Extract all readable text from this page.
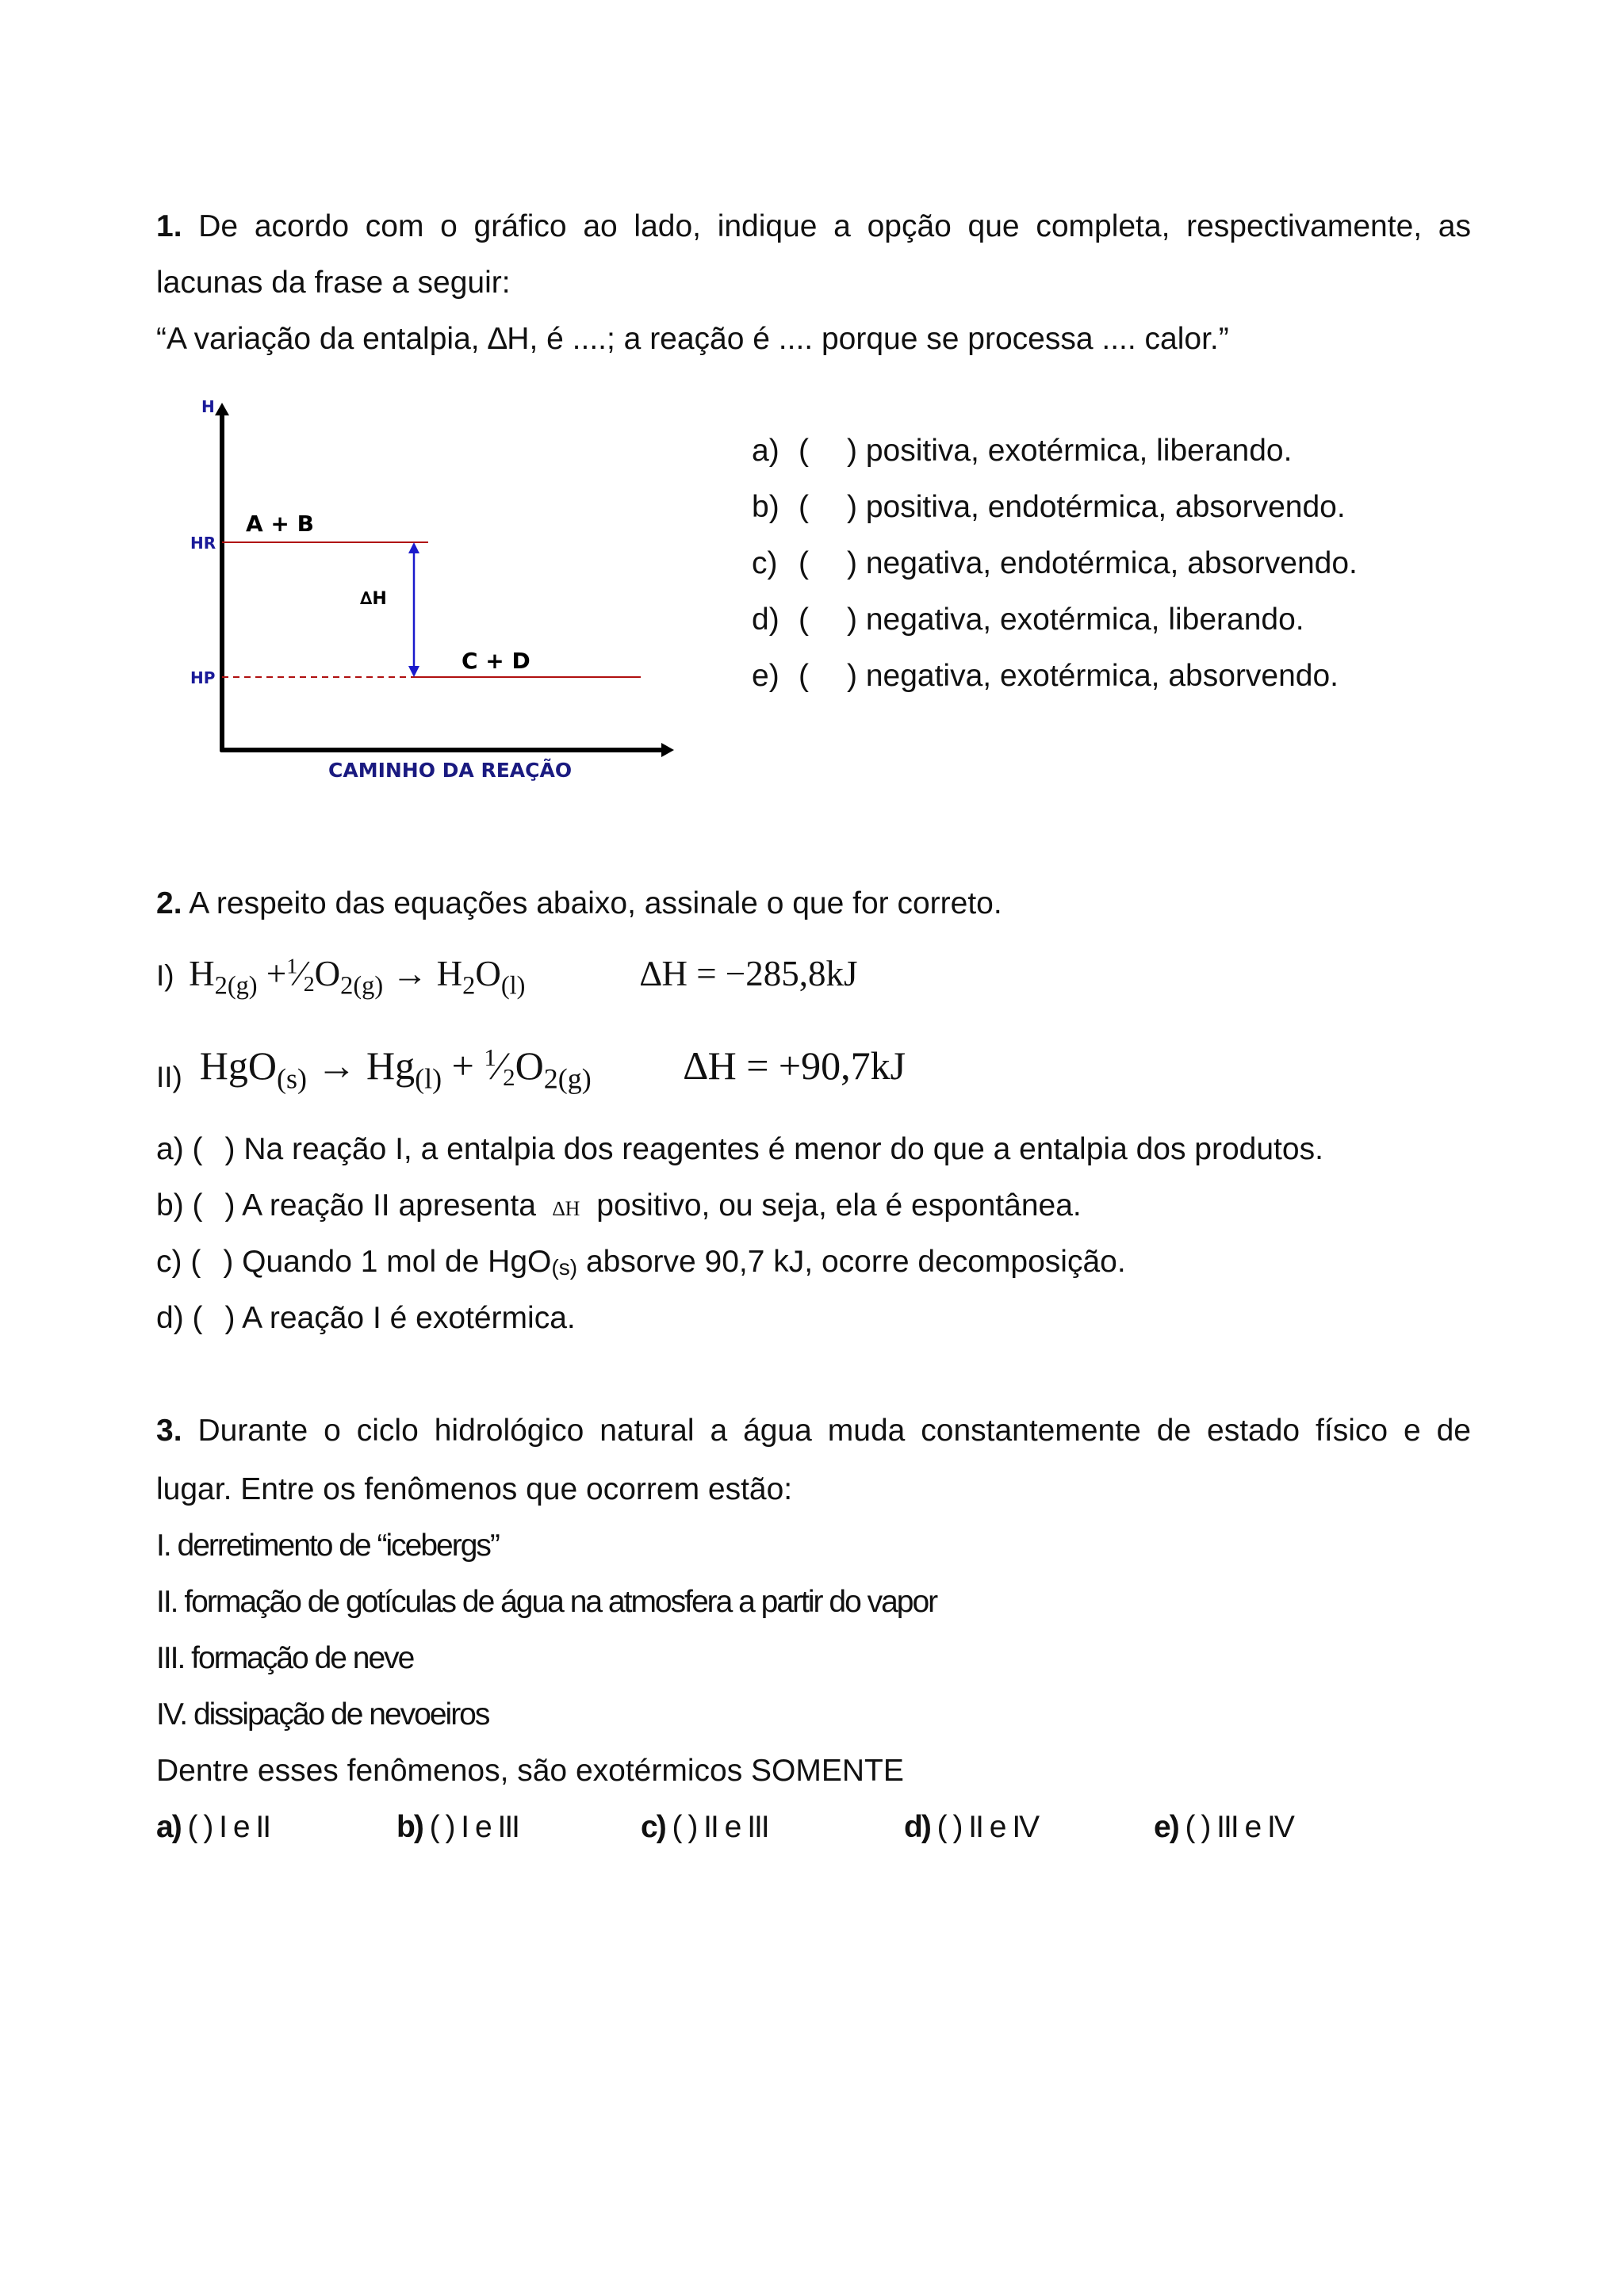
1. De acordo com o gráfico ao lado, indique a opção que completa, respectivamente, as
lacunas da frase a seguir:
“A variação da entalpia, ∆H, é ....; a reação é .... porque se processa .... calor.”
H
HR
HP
A + B
∆H
C + D
CAMINHO DA REAÇÃO
a) ( ) positiva, exotérmica, liberando.
b) ( ) positiva, endotérmica, absorvendo.
c) ( ) negativa, endotérmica, absorvendo.
d) ( ) negativa, exotérmica, liberando.
e) ( ) negativa, exotérmica, absorvendo.
2. A respeito das equações abaixo, assinale o que for correto.
I) $H_{2(g)}$ $+^1⁄_2O_{2(g)} \to H_2O_{(l)}$	∆H = −285,8kJ
$_{II)}$ $HgO_{(s)} \to Hg_{(l)}$ + $^1⁄_2O_{2(g)}$ ∆H = +90,7kJ
a) ( ) Na reação I, a entalpia dos reagentes é menor do que a entalpia dos produtos.
b) ( ) A reação II apresenta ∆H positivo, ou seja, ela é espontânea.
c) ( ) Quando 1 mol de HgO(s) absorve 90,7 kJ, ocorre decomposição.
d) ( ) A reação I é exotérmica.
3. Durante o ciclo hidrológico natural a água muda constantemente de estado físico e de
lugar. Entre os fenômenos que ocorrem estão:
I. derretimento de “icebergs”
II. formação de gotículas de água na atmosfera a partir do vapor
III. formação de neve
IV. dissipação de nevoeiros
Dentre esses fenômenos, são exotérmicos SOMENTE
a) ( ) I e II	b) ( ) I e III	c) ( ) II e III	d) ( ) II e IV	e) ( ) III e IV
